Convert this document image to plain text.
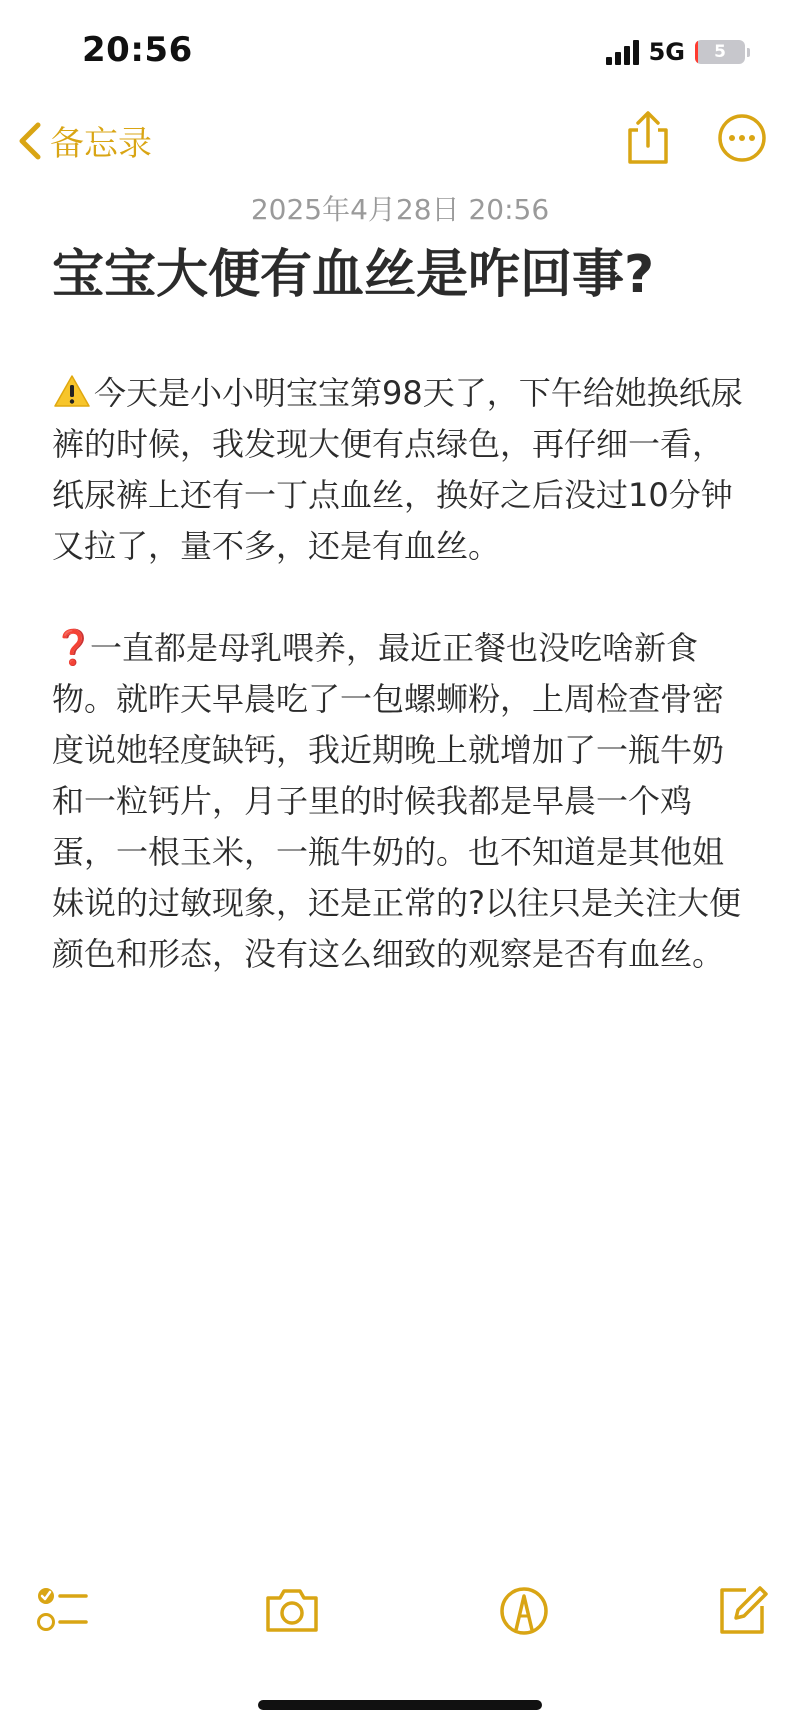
20:56	5G 5
备忘录
2025年4月28日 20:56
宝宝大便有血丝是咋回事?

今天是小小明宝宝第98天了，下午给她换纸尿裤的时候，我发现大便有点绿色，再仔细一看，纸尿裤上还有一丁点血丝，换好之后没过10分钟又拉了，量不多，还是有血丝。

❓一直都是母乳喂养，最近正餐也没吃啥新食物。就昨天早晨吃了一包螺蛳粉，上周检查骨密度说她轻度缺钙，我近期晚上就增加了一瓶牛奶和一粒钙片，月子里的时候我都是早晨一个鸡蛋，一根玉米，一瓶牛奶的。也不知道是其他姐妹说的过敏现象，还是正常的?以往只是关注大便颜色和形态，没有这么细致的观察是否有血丝。
